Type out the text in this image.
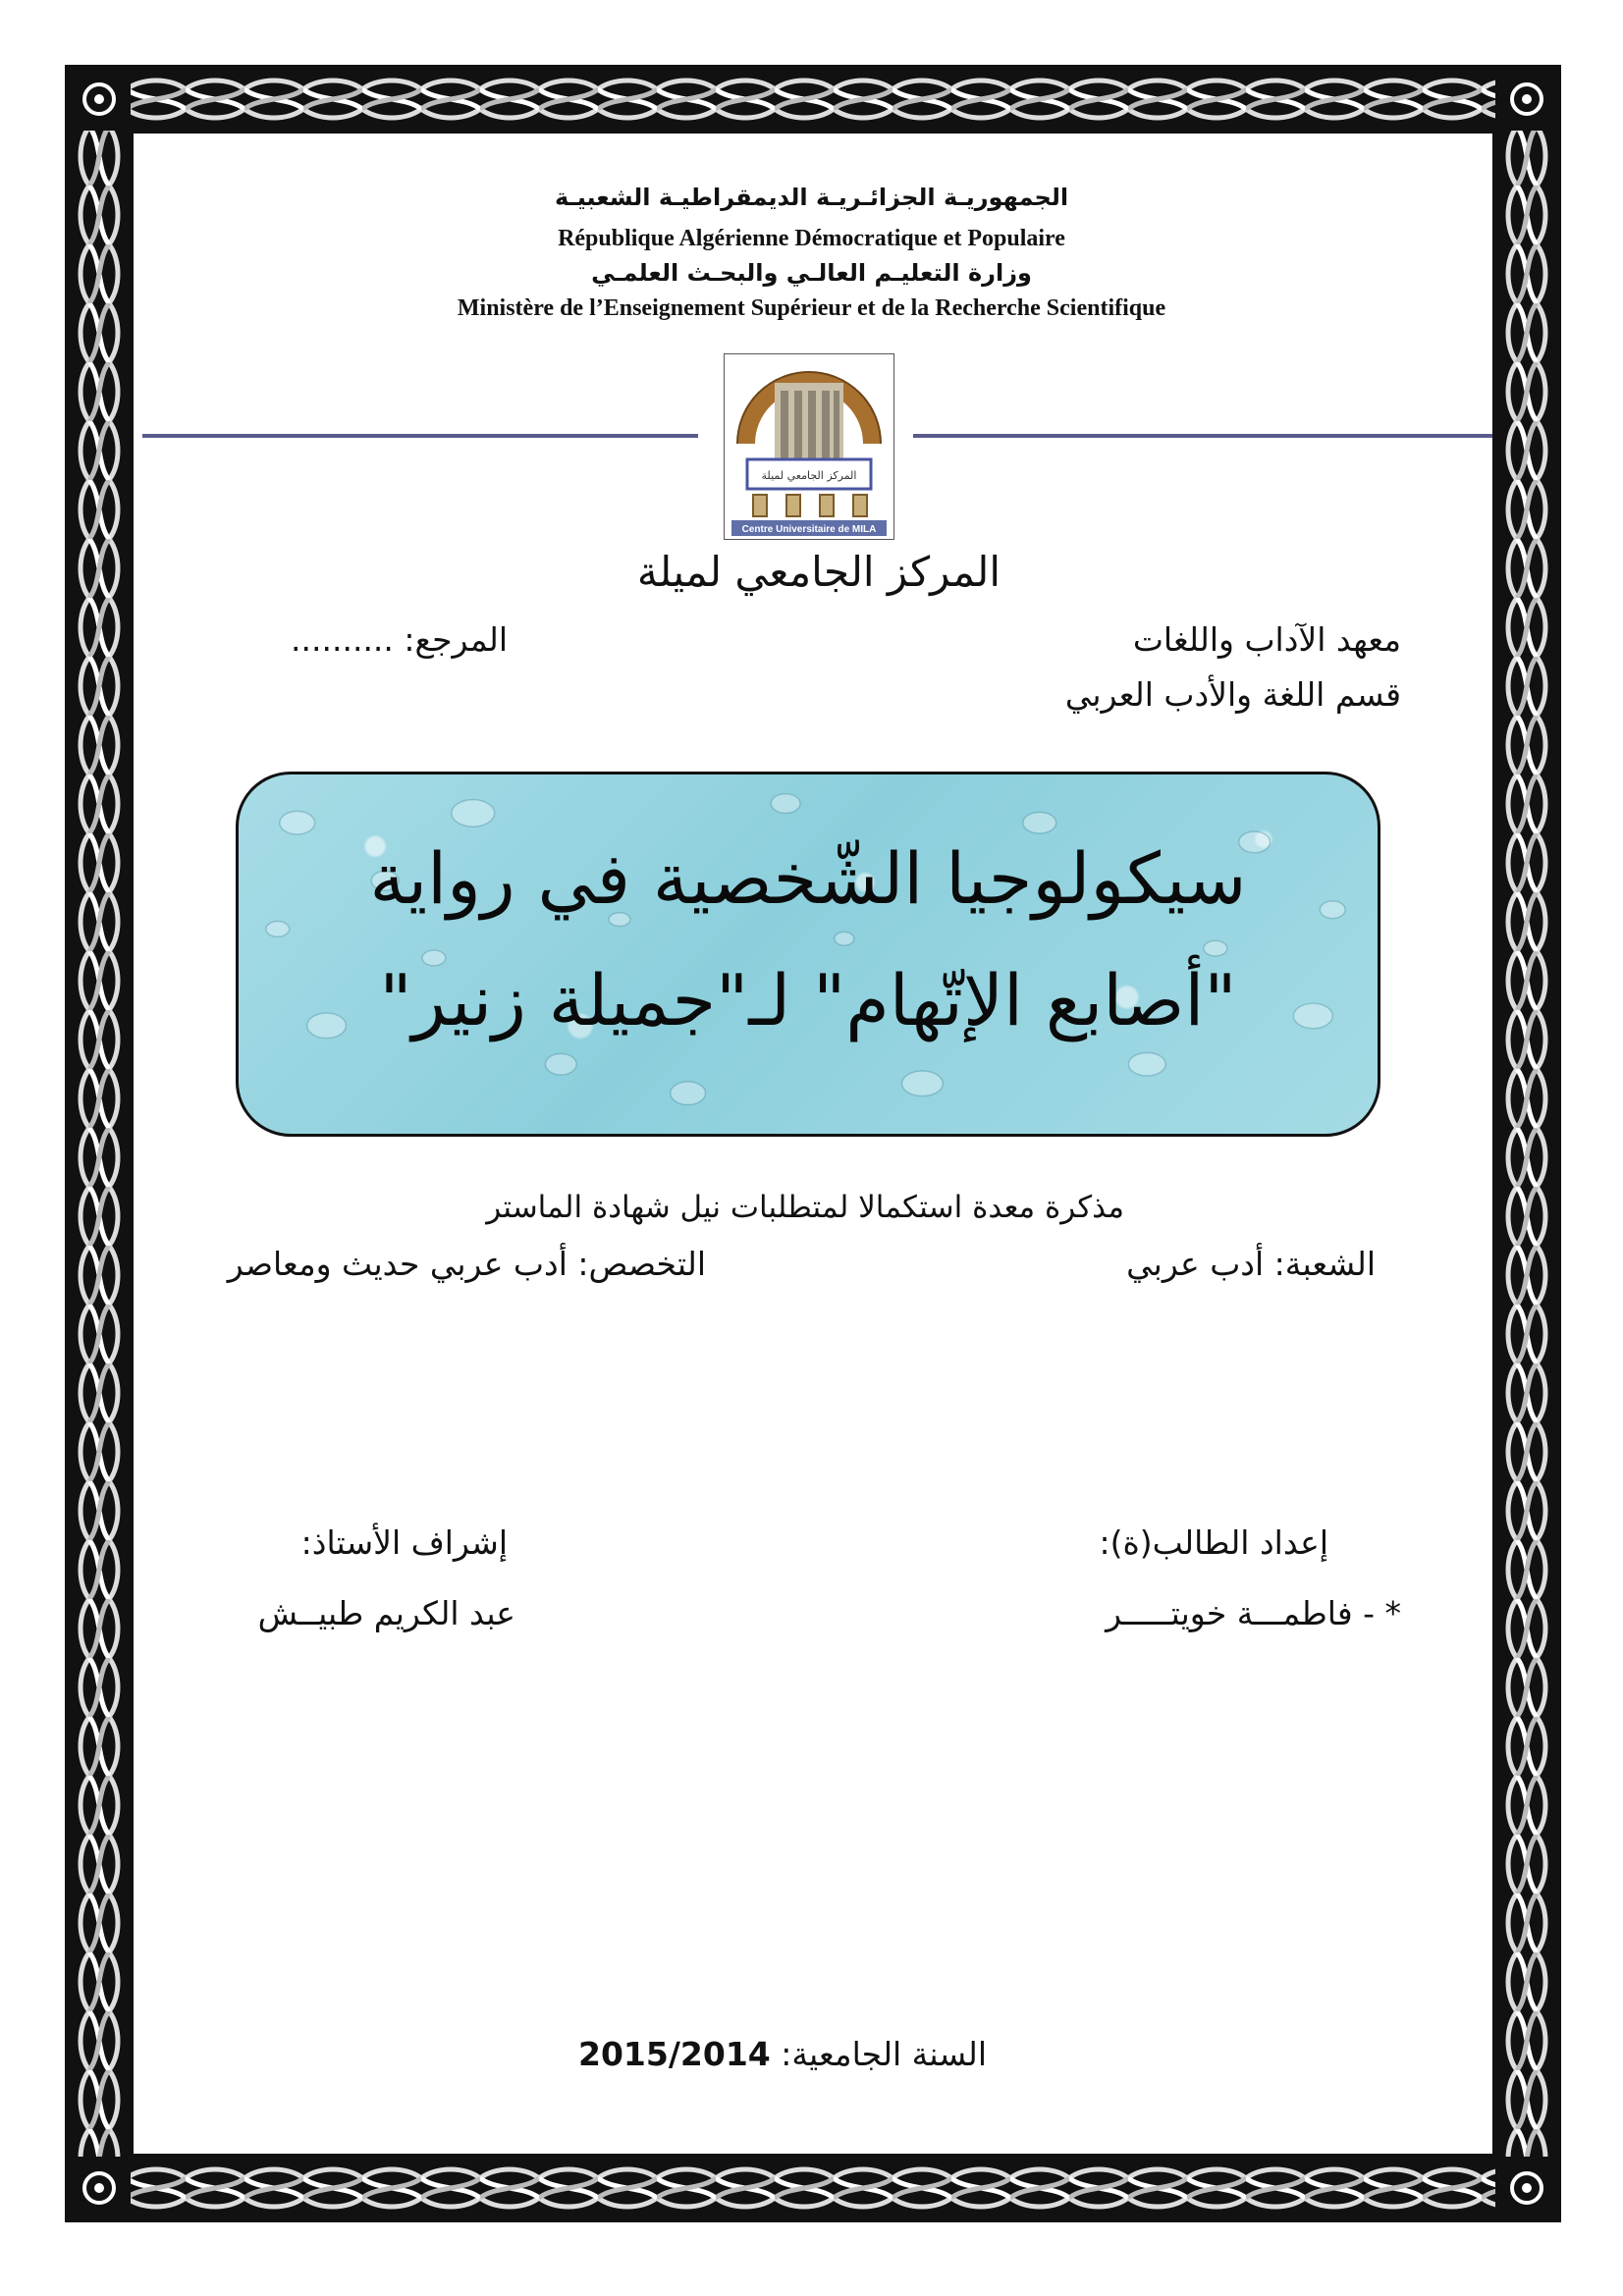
الجمهوريـة الجزائـريـة الديمقراطيـة الشعبيـة
République Algérienne Démocratique et Populaire
وزارة التعليـم العالـي والبحـث العلمـي
Ministère de l’Enseignement Supérieur et de la Recherche Scientifique
المركز الجامعي لميلة
Centre Universitaire de MILA
المركز الجامعي لميلة
معهد الآداب واللغات
المرجع: ..........
قسم اللغة والأدب العربي
سيكولوجيا الشّخصية في رواية
"أصابع الإتّهام" لـ"جميلة زنير"
مذكرة معدة استكمالا لمتطلبات نيل شهادة الماستر
الشعبة: أدب عربي
التخصص: أدب عربي حديث ومعاصر
إعداد الطالب(ة):
إشراف الأستاذ:
* - فاطمـــة خويتـــــر
عبد الكريم طبيــش
السنة الجامعية: 2015/2014
